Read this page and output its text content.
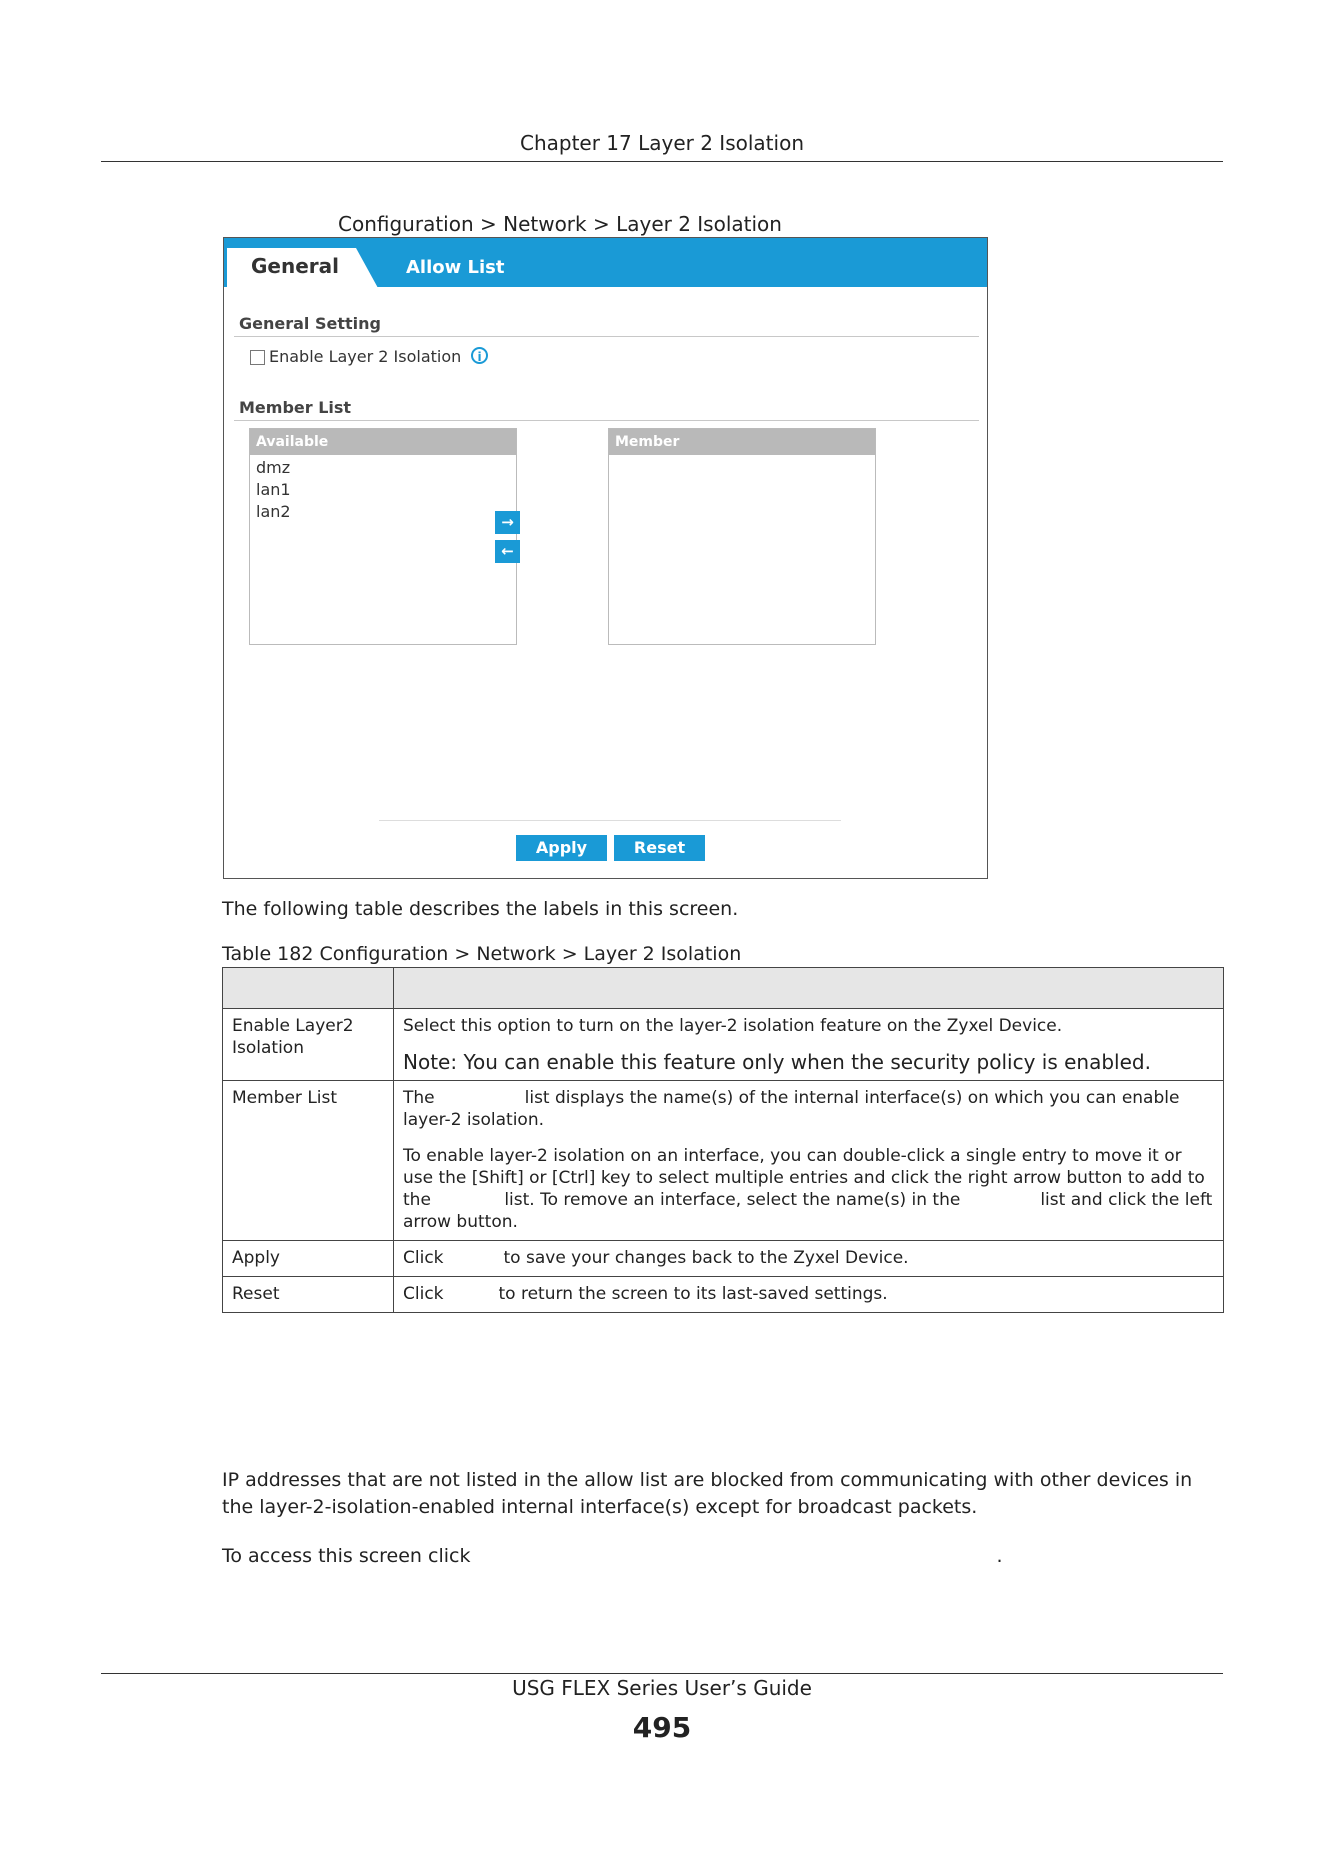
Chapter 17 Layer 2 Isolation
Configuration > Network > Layer 2 Isolation
General	Allow List
General Setting
Enable Layer 2 Isolation	i
Member List
Available
dmz
lan1
lan2
→
←
Member
Apply	Reset
The following table describes the labels in this screen.
Table 182 Configuration > Network > Layer 2 Isolation

Enable Layer2 Isolation	Select this option to turn on the layer-2 isolation feature on the Zyxel Device.

Note: You can enable this feature only when the security policy is enabled.

Member List	The list displays the name(s) of the internal interface(s) on which you can enable layer-2 isolation.

To enable layer-2 isolation on an interface, you can double-click a single entry to move it or use the [Shift] or [Ctrl] key to select multiple entries and click the right arrow button to add to the list. To remove an interface, select the name(s) in the list and click the left arrow button.

Apply	Click to save your changes back to the Zyxel Device.
Reset	Click to return the screen to its last-saved settings.
IP addresses that are not listed in the allow list are blocked from communicating with other devices in the layer-2-isolation-enabled internal interface(s) except for broadcast packets.
To access this screen click	.
USG FLEX Series User’s Guide
495
